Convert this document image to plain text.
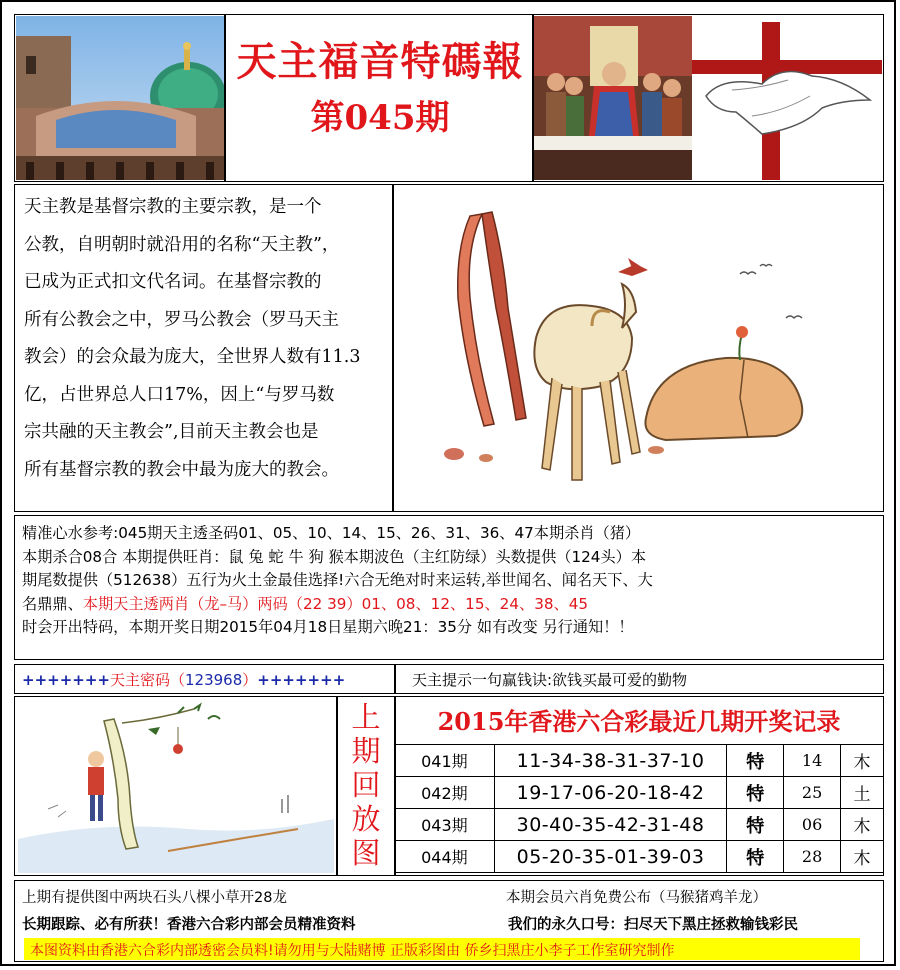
天主福音特碼報
第045期
天主教是基督宗教的主要宗教，是一个
公教，自明朝时就沿用的名称“天主教”，
已成为正式扣文代名词。在基督宗教的
所有公教会之中，罗马公教会（罗马天主
教会）的会众最为庞大，全世界人数有11.3
亿，占世界总人口17%，因上“与罗马数
宗共融的天主教会”,目前天主教会也是
所有基督宗教的教会中最为庞大的教会。
精准心水参考:045期天主透圣码01、05、10、14、15、26、31、36、47本期杀肖（猪）
本期杀合08合 本期提供旺肖：鼠 兔 蛇 牛 狗 猴本期波色（主红防绿）头数提供（124头）本
期尾数提供（512638）五行为火土金最佳选择!六合无绝对时来运转,举世闻名、闻名天下、大
名鼎鼎、本期天主透两肖（龙–马）两码（22 39）01、08、12、15、24、38、45
时会开出特码，本期开奖日期2015年04月18日星期六晚21：35分 如有改变 另行通知！！
+++++++天主密码（123968）+++++++	天主提示一句赢钱诀:欲钱买最可爱的勤物
上
期
回
放
图
2015年香港六合彩最近几期开奖记录
041期	11-34-38-31-37-10	特	14	木
042期	19-17-06-20-18-42	特	25	土
043期	30-40-35-42-31-48	特	06	木
044期	05-20-35-01-39-03	特	28	木
上期有提供图中两块石头八棵小草开28龙	本期会员六肖免费公布（马猴猪鸡羊龙）
长期跟踪、必有所获！香港六合彩内部会员精准资料	我们的永久口号：扫尽天下黑庄拯救输钱彩民
本图资料由香港六合彩内部透密会员料!请勿用与大陆赌博 正版彩图由 侨乡扫黑庄小李子工作室研究制作
